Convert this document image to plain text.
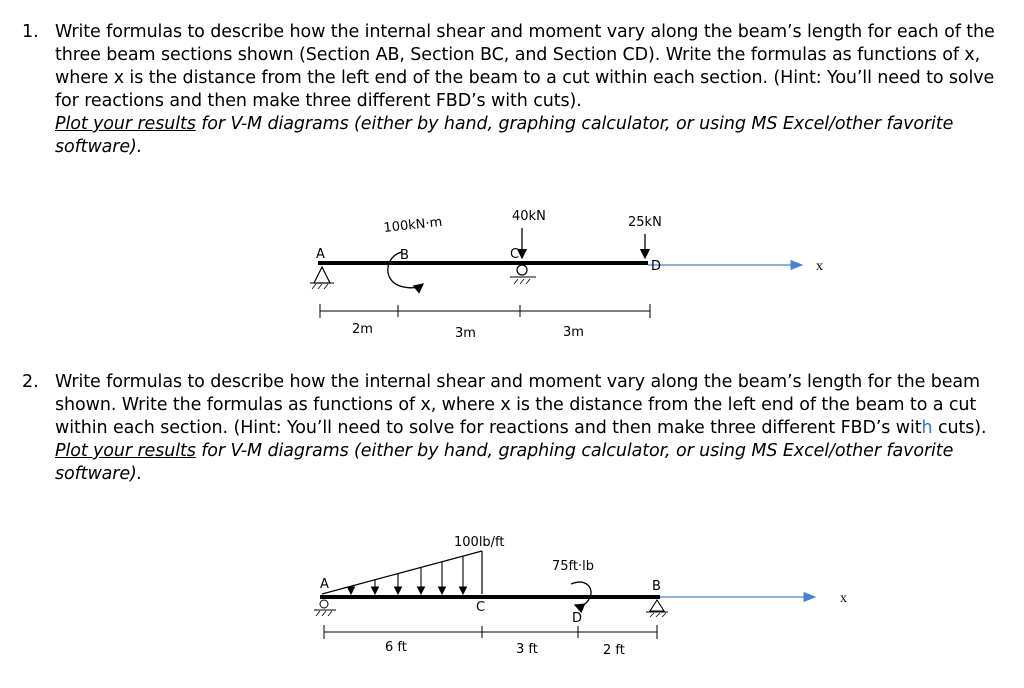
1. Write formulas to describe how the internal shear and moment vary along the beam’s length for each of the three beam sections shown (Section AB, Section BC, and Section CD). Write the formulas as functions of x, where x is the distance from the left end of the beam to a cut within each section. (Hint: You’ll need to solve for reactions and then make three different FBD’s with cuts).
Plot your results for V-M diagrams (either by hand, graphing calculator, or using MS Excel/other favorite software).
2. Write formulas to describe how the internal shear and moment vary along the beam’s length for the beam shown. Write the formulas as functions of x, where x is the distance from the left end of the beam to a cut within each section. (Hint: You’ll need to solve for reactions and then make three different FBD’s with cuts).
Plot your results for V-M diagrams (either by hand, graphing calculator, or using MS Excel/other favorite software).
x
A	B
100kN·m	40kN
C
25kN
D
2m	3m	3m
100lb/ft
x
A
C
75ft·lb
D
B
6 ft	3 ft	2 ft
